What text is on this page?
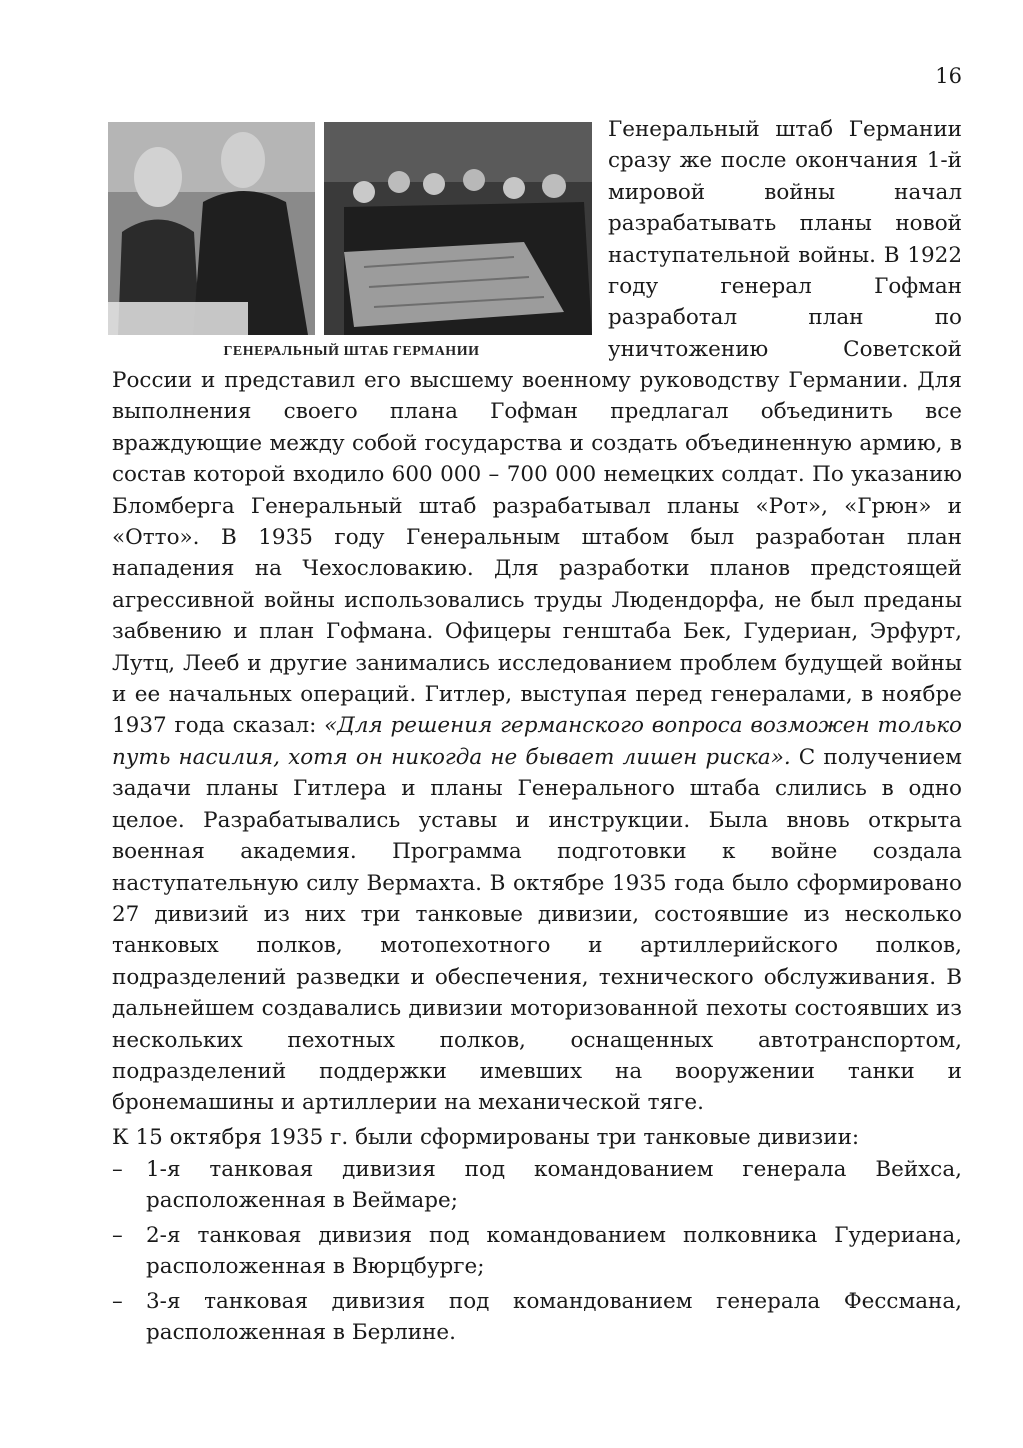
16
ГЕНЕРАЛЬНЫЙ ШТАБ ГЕРМАНИИ

Генеральный штаб Германии сразу же после окончания 1-й мировой войны начал разрабатывать планы новой наступательной войны. В 1922 году генерал Гофман разработал план по уничтожению Советской

России и представил его высшему военному руководству Германии. Для выполнения своего плана Гофман предлагал объединить все враждующие между собой государства и создать объединенную армию, в состав которой входило 600 000 – 700 000 немецких солдат. По указанию Бломберга Генеральный штаб разрабатывал планы «Рот», «Грюн» и «Отто». В 1935 году Генеральным штабом был разработан план нападения на Чехословакию. Для разработки планов предстоящей агрессивной войны использовались труды Людендорфа, не был преданы забвению и план Гофмана. Офицеры генштаба Бек, Гудериан, Эрфурт, Лутц, Лееб и другие занимались исследованием проблем будущей войны и ее начальных операций. Гитлер, выступая перед генералами, в ноябре 1937 года сказал: «Для решения германского вопроса возможен только путь насилия, хотя он никогда не бывает лишен риска». С получением задачи планы Гитлера и планы Генерального штаба слились в одно целое. Разрабатывались уставы и инструкции. Была вновь открыта военная академия. Программа подготовки к войне создала наступательную силу Вермахта. В октябре 1935 года было сформировано 27 дивизий из них три танковые дивизии, состоявшие из несколько танковых полков, мотопехотного и артиллерийского полков, подразделений разведки и обеспечения, технического обслуживания. В дальнейшем создавались дивизии моторизованной пехоты состоявших из нескольких пехотных полков, оснащенных автотранспортом, подразделений поддержки имевших на вооружении танки и бронемашины и артиллерии на механической тяге.

К 15 октября 1935 г. были сформированы три танковые дивизии:

– 1-я танковая дивизия под командованием генерала Вейхса, расположенная в Веймаре;
– 2-я танковая дивизия под командованием полковника Гудериана, расположенная в Вюрцбурге;
– 3-я танковая дивизия под командованием генерала Фессмана, расположенная в Берлине.
